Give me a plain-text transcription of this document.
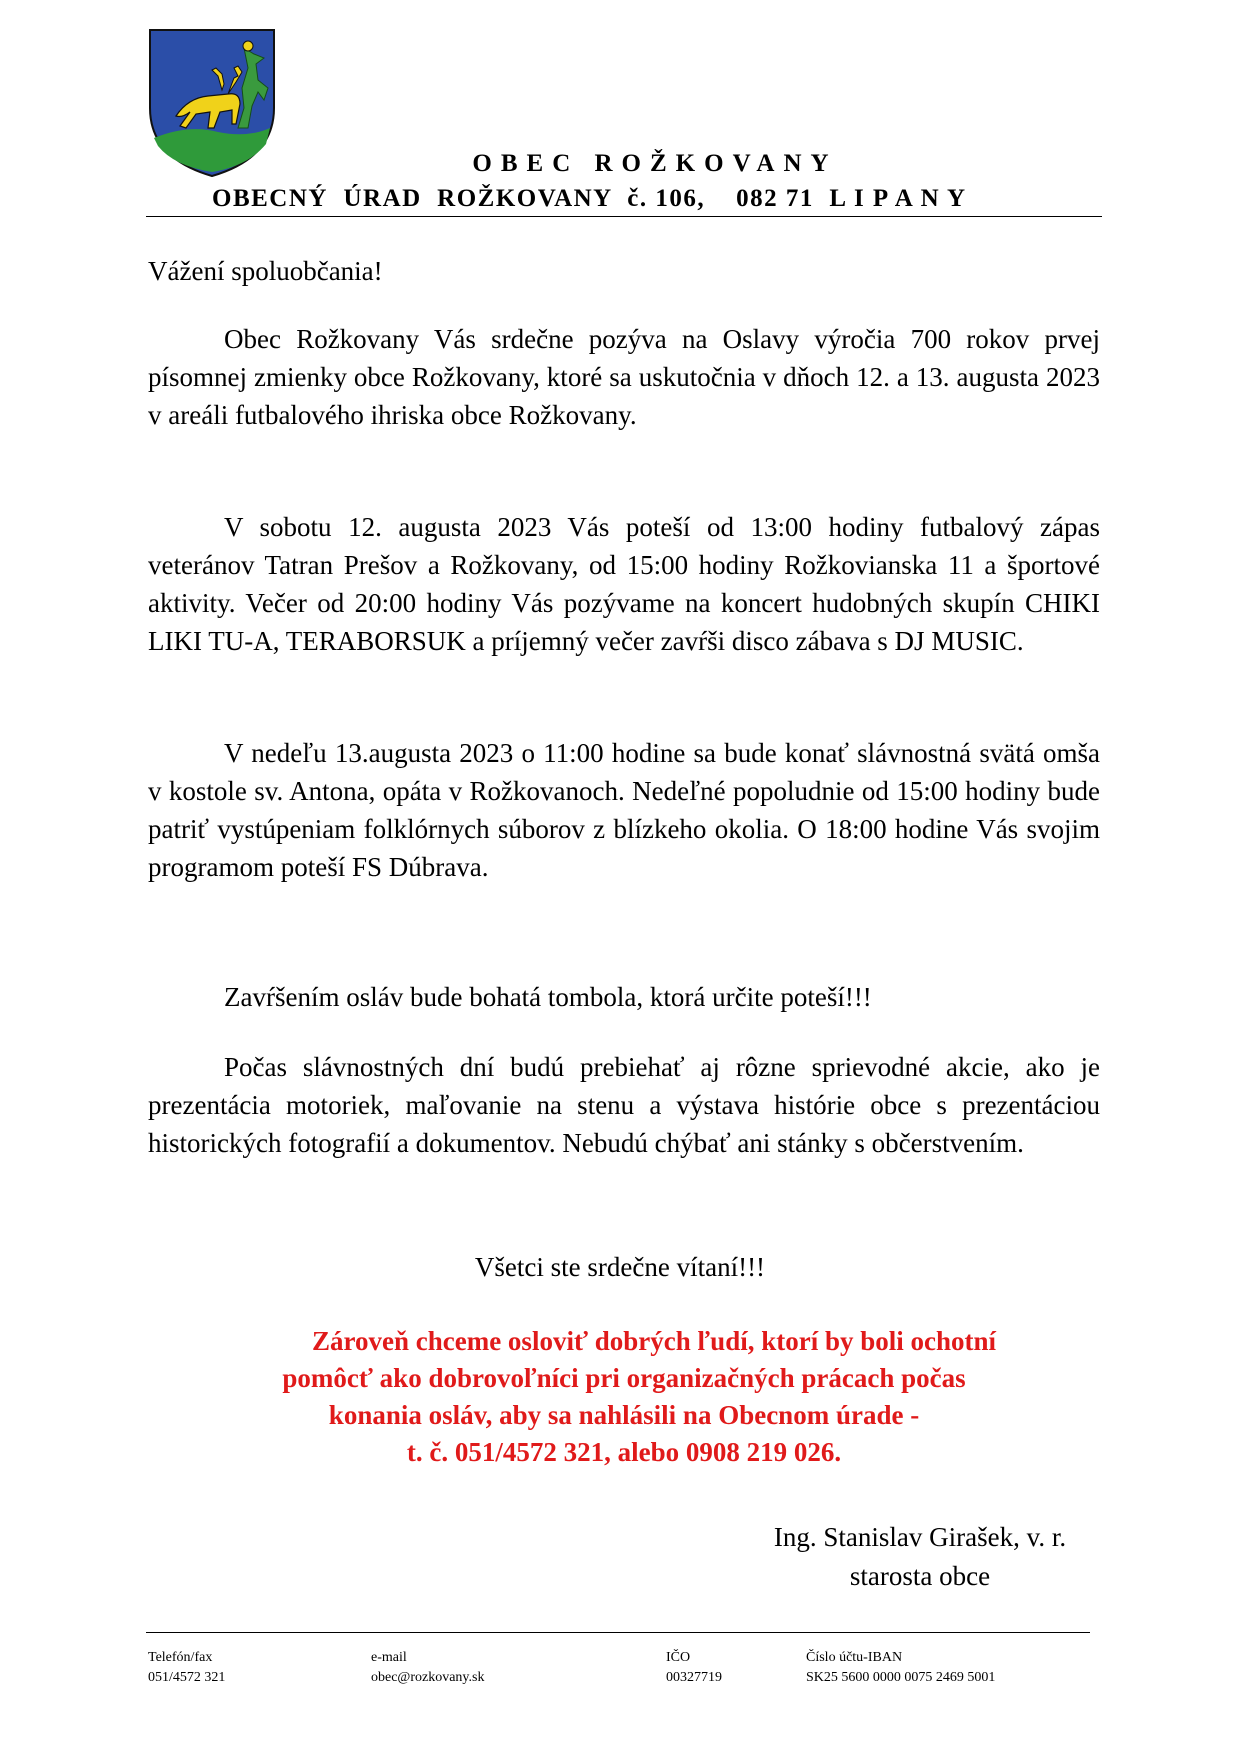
OBEC ROŽKOVANY
OBECNÝ  ÚRAD  ROŽKOVANY  č. 106,    082 71  L I P A N Y
Vážení spoluobčania!

Obec Rožkovany Vás srdečne pozýva na Oslavy výročia 700 rokov prvej písomnej zmienky obce Rožkovany, ktoré sa uskutočnia v dňoch 12. a 13. augusta 2023 v areáli futbalového ihriska obce Rožkovany.

V sobotu 12. augusta 2023 Vás poteší od 13:00 hodiny futbalový zápas veteránov Tatran Prešov a Rožkovany, od 15:00 hodiny Rožkovianska 11 a športové aktivity. Večer od 20:00 hodiny Vás pozývame na koncert hudobných skupín CHIKI LIKI TU-A, TERABORSUK a príjemný večer zavŕši disco zábava s DJ MUSIC.

V nedeľu 13.augusta 2023 o 11:00 hodine sa bude konať slávnostná svätá omša v kostole sv. Antona, opáta v Rožkovanoch. Nedeľné popoludnie od 15:00 hodiny bude patriť vystúpeniam folklórnych súborov z blízkeho okolia. O 18:00 hodine Vás svojim programom poteší FS Dúbrava.

Zavŕšením osláv bude bohatá tombola, ktorá určite poteší!!!

Počas slávnostných dní budú prebiehať aj rôzne sprievodné akcie, ako je prezentácia motoriek, maľovanie na stenu a výstava histórie obce s prezentáciou historických fotografií a dokumentov. Nebudú chýbať ani stánky s občerstvením.

Všetci ste srdečne vítaní!!!
Zároveň chceme osloviť dobrých ľudí, ktorí by boli ochotní
pomôcť ako dobrovoľníci pri organizačných prácach počas
konania osláv, aby sa nahlásili na Obecnom úrade -
t. č. 051/4572 321, alebo 0908 219 026.
Ing. Stanislav Girašek, v. r.
starosta obce
Telefón/fax
051/4572 321
e-mail
obec@rozkovany.sk
IČO
00327719
Číslo účtu-IBAN
SK25 5600 0000 0075 2469 5001
